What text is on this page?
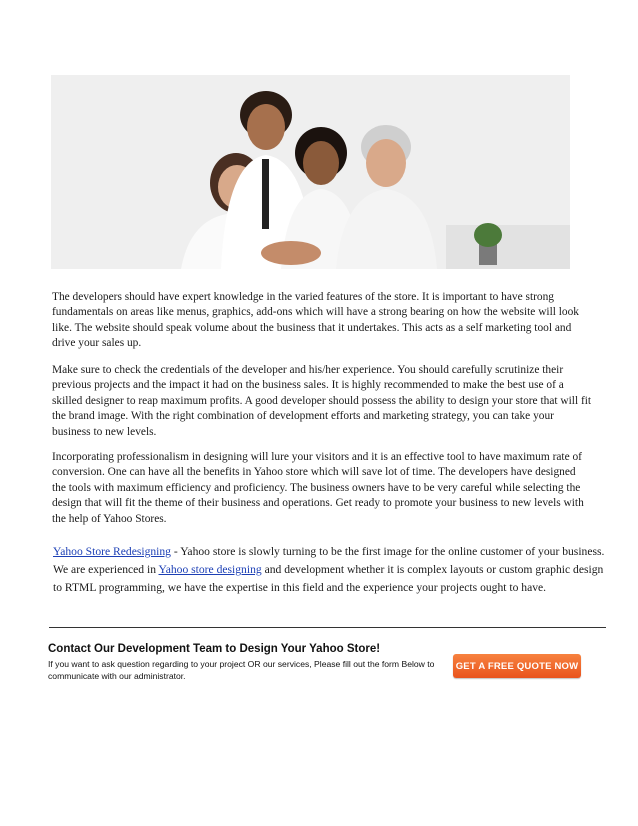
The developers should have expert knowledge in the varied features of the store. It is important to have strong fundamentals on areas like menus, graphics, add-ons which will have a strong bearing on how the website will look like. The website should speak volume about the business that it undertakes. This acts as a self marketing tool and drive your sales up.

Make sure to check the credentials of the developer and his/her experience. You should carefully scrutinize their previous projects and the impact it had on the business sales. It is highly recommended to make the best use of a skilled designer to reap maximum profits. A good developer should possess the ability to design your store that will fit the brand image. With the right combination of development efforts and marketing strategy, you can take your business to new levels.

Incorporating professionalism in designing will lure your visitors and it is an effective tool to have maximum rate of conversion. One can have all the benefits in Yahoo store which will save lot of time. The developers have designed the tools with maximum efficiency and proficiency. The business owners have to be very careful while selecting the design that will fit the theme of their business and operations. Get ready to promote your business to new levels with the help of Yahoo Stores.

Yahoo Store Redesigning - Yahoo store is slowly turning to be the first image for the online customer of your business. We are experienced in Yahoo store designing and development whether it is complex layouts or custom graphic design to RTML programming, we have the expertise in this field and the experience your projects ought to have.

Contact Our Development Team to Design Your Yahoo Store!

If you want to ask question regarding to your project OR our services, Please fill out the form Below to communicate with our administrator.

GET A FREE QUOTE NOW
